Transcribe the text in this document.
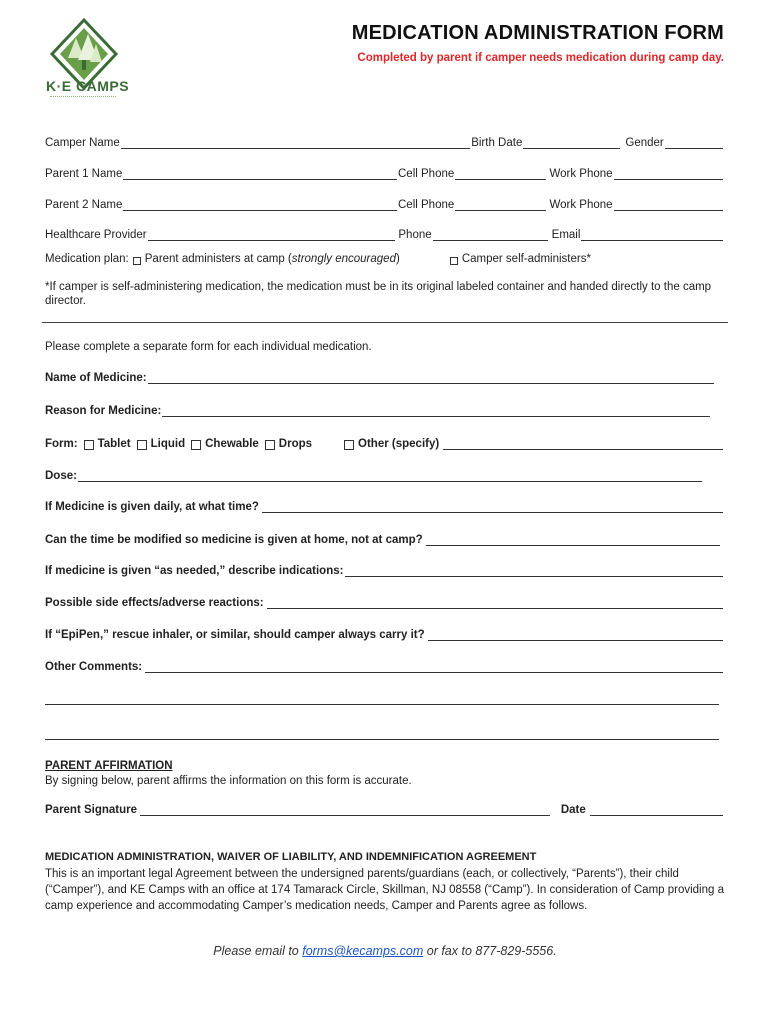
K·E CAMPS
MEDICATION ADMINISTRATION FORM
Completed by parent if camper needs medication during camp day.
Camper Name	Birth Date	Gender
Parent 1 Name	Cell Phone	Work Phone
Parent 2 Name	Cell Phone	Work Phone
Healthcare Provider	Phone	Email
Medication plan: Parent administers at camp ( strongly encouraged )	Camper self-administers*
*If camper is self-administering medication, the medication must be in its original labeled container and handed directly to the camp director.
Please complete a separate form for each individual medication.
Name of Medicine:
Reason for Medicine:
Form: Tablet Liquid Chewable Drops	Other (specify)
Dose:
If Medicine is given daily, at what time?
Can the time be modified so medicine is given at home, not at camp?
If medicine is given “as needed,” describe indications:
Possible side effects/adverse reactions:
If “EpiPen,” rescue inhaler, or similar, should camper always carry it?
Other Comments:
PARENT AFFIRMATION
By signing below, parent affirms the information on this form is accurate.
Parent Signature	Date
MEDICATION ADMINISTRATION, WAIVER OF LIABILITY, AND INDEMNIFICATION AGREEMENT
This is an important legal Agreement between the undersigned parents/guardians (each, or collectively, “Parents”), their child (“Camper”), and KE Camps with an office at 174 Tamarack Circle, Skillman, NJ 08558 (“Camp”). In consideration of Camp providing a camp experience and accommodating Camper’s medication needs, Camper and Parents agree as follows.
Please email to forms@kecamps.com or fax to 877-829-5556.
